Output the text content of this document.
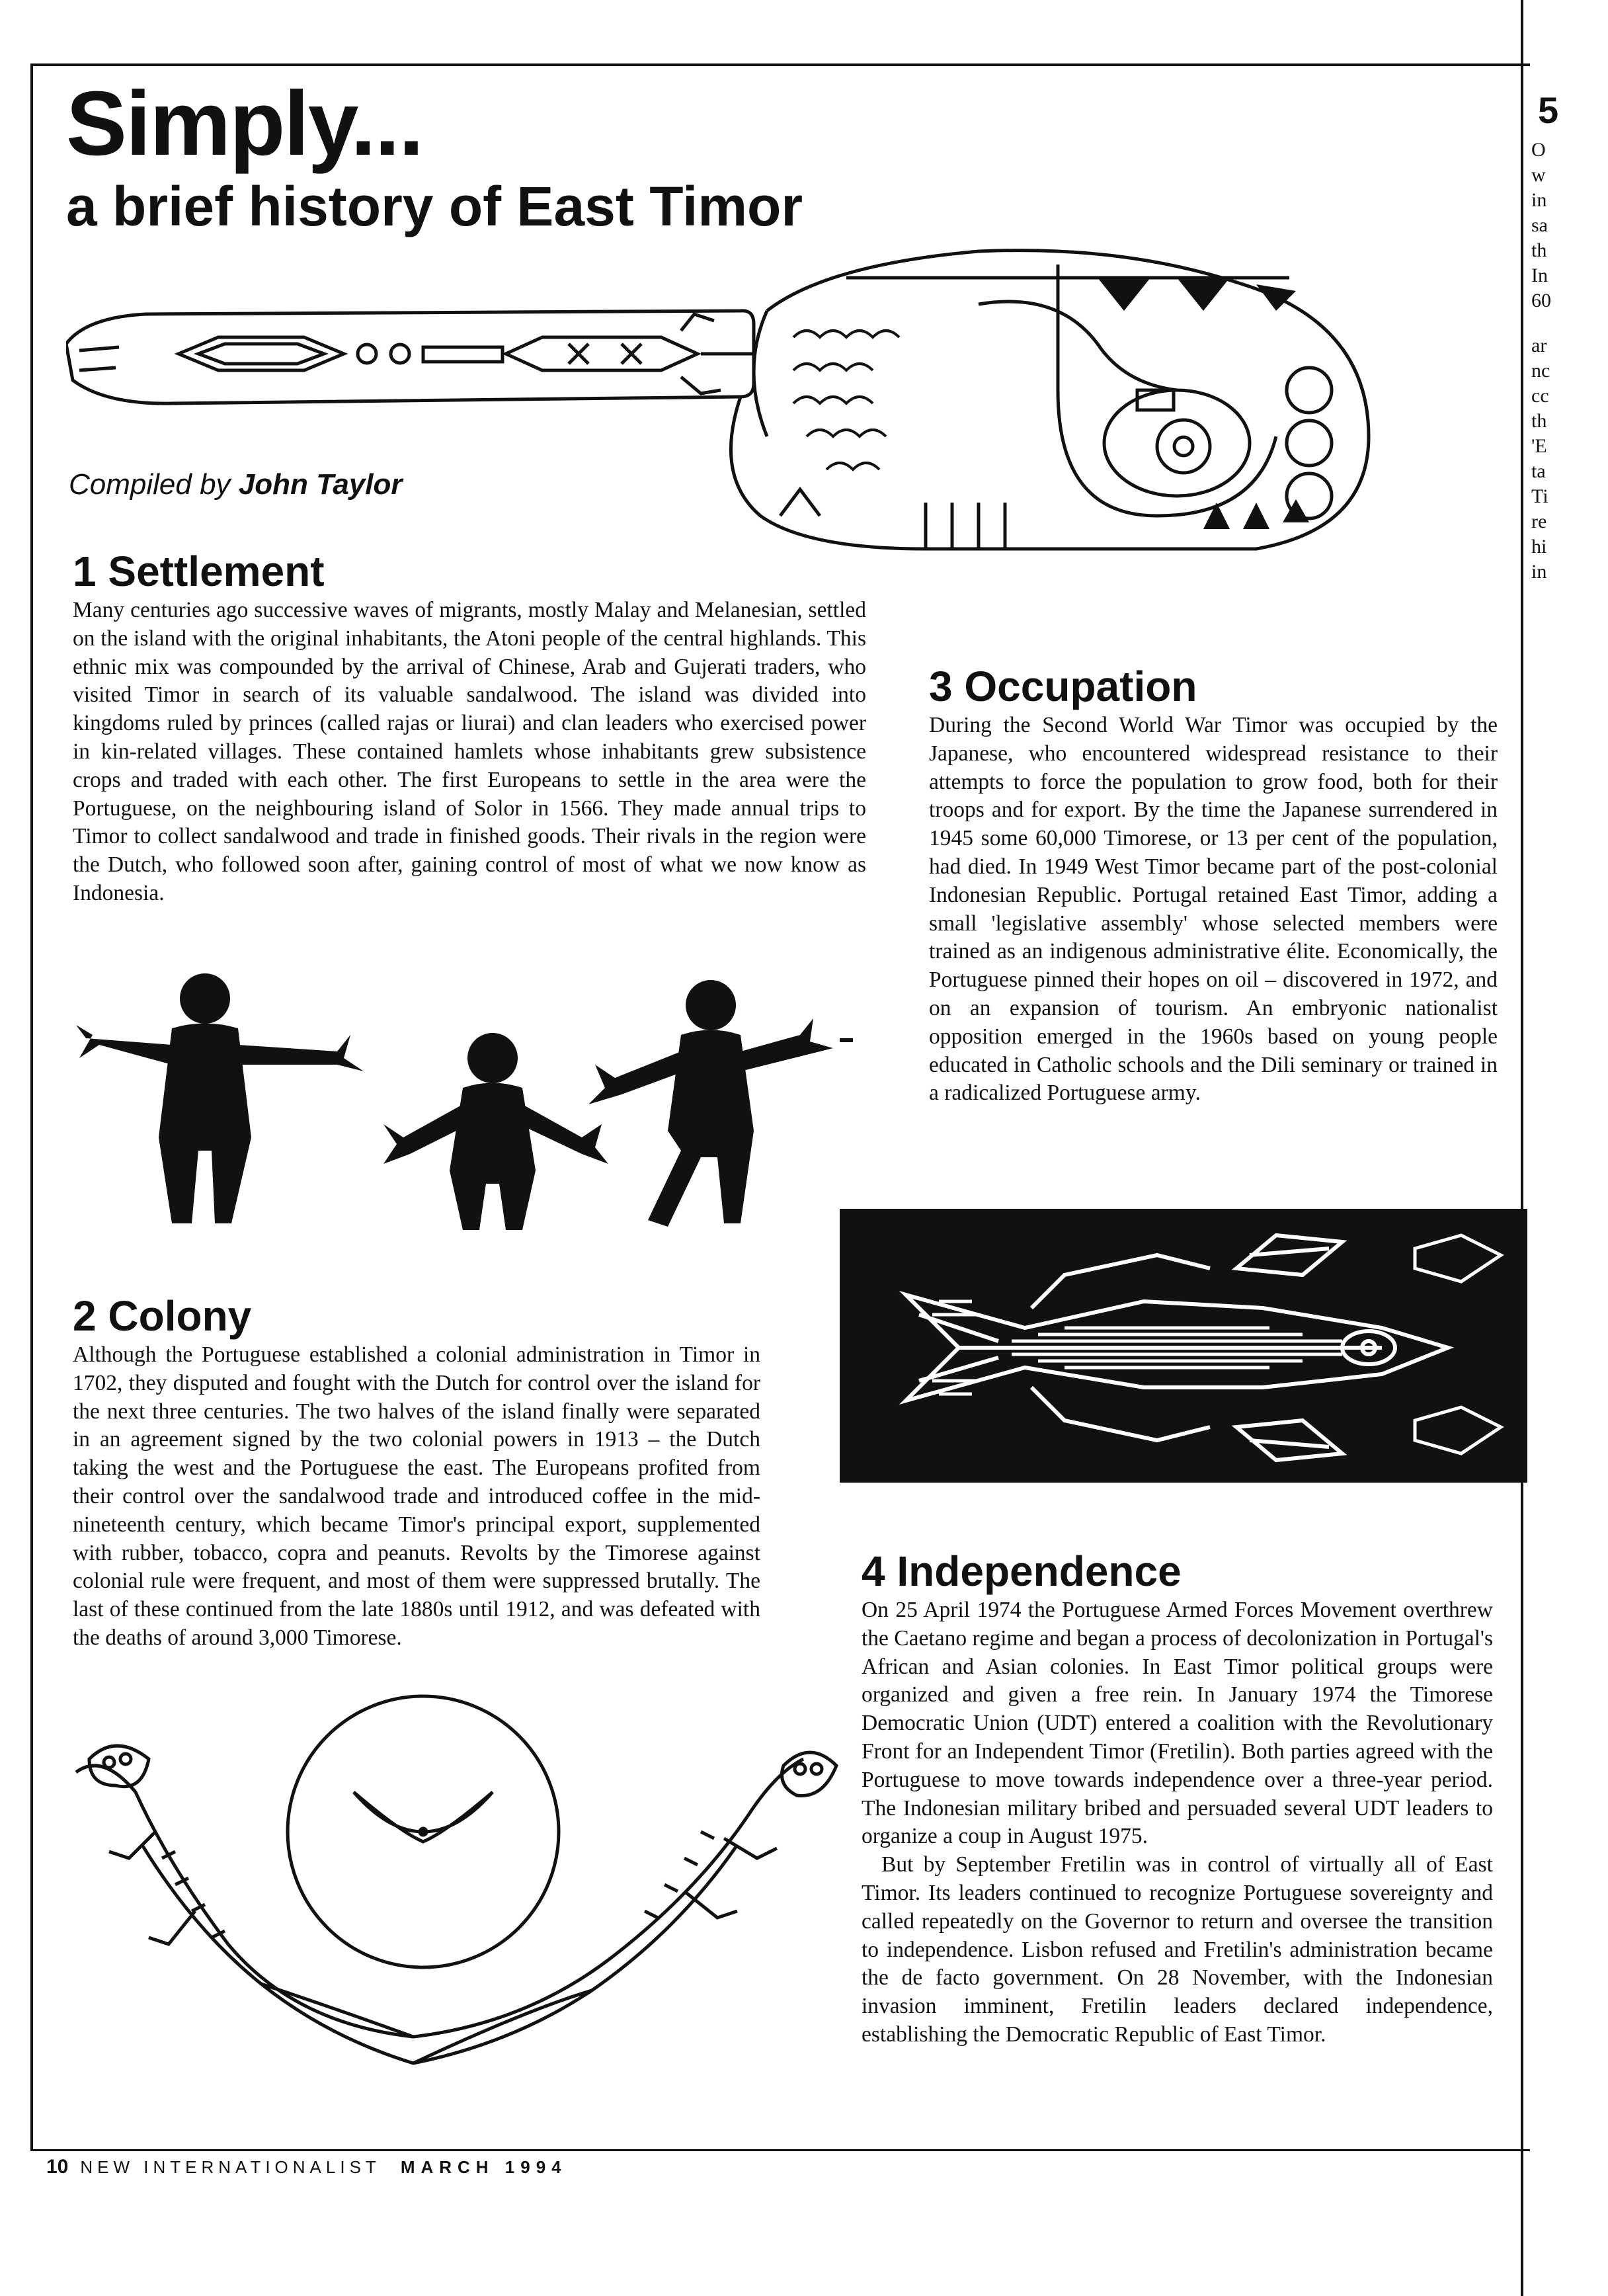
Simply...
a brief history of East Timor
Compiled by John Taylor
1 Settlement

Many centuries ago successive waves of migrants, mostly Malay and Melanesian, settled on the island with the original inhabitants, the Atoni people of the central highlands. This ethnic mix was compounded by the arrival of Chinese, Arab and Gujerati traders, who visited Timor in search of its valuable sandalwood. The island was divided into kingdoms ruled by princes (called rajas or liurai) and clan leaders who exercised power in kin-related villages. These contained hamlets whose inhabitants grew subsistence crops and traded with each other. The first Europeans to settle in the area were the Portuguese, on the neighbouring island of Solor in 1566. They made annual trips to Timor to collect sandalwood and trade in finished goods. Their rivals in the region were the Dutch, who followed soon after, gaining control of most of what we now know as Indonesia.

2 Colony

Although the Portuguese established a colonial administration in Timor in 1702, they disputed and fought with the Dutch for control over the island for the next three centuries. The two halves of the island finally were separated in an agreement signed by the two colonial powers in 1913 – the Dutch taking the west and the Portuguese the east. The Europeans profited from their control over the sandalwood trade and introduced coffee in the mid-nineteenth century, which became Timor's principal export, supplemented with rubber, tobacco, copra and peanuts. Revolts by the Timorese against colonial rule were frequent, and most of them were suppressed brutally. The last of these continued from the late 1880s until 1912, and was defeated with the deaths of around 3,000 Timorese.

3 Occupation

During the Second World War Timor was occupied by the Japanese, who encountered widespread resistance to their attempts to force the population to grow food, both for their troops and for export. By the time the Japanese surrendered in 1945 some 60,000 Timorese, or 13 per cent of the population, had died. In 1949 West Timor became part of the post-colonial Indonesian Republic. Portugal retained East Timor, adding a small 'legislative assembly' whose selected members were trained as an indigenous administrative élite. Economically, the Portuguese pinned their hopes on oil – discovered in 1972, and on an expansion of tourism. An embryonic nationalist opposition emerged in the 1960s based on young people educated in Catholic schools and the Dili seminary or trained in a radicalized Portuguese army.

4 Independence

On 25 April 1974 the Portuguese Armed Forces Movement overthrew the Caetano regime and began a process of decolonization in Portugal's African and Asian colonies. In East Timor political groups were organized and given a free rein. In January 1974 the Timorese Democratic Union (UDT) entered a coalition with the Revolutionary Front for an Independent Timor (Fretilin). Both parties agreed with the Portuguese to move towards independence over a three-year period. The Indonesian military bribed and persuaded several UDT leaders to organize a coup in August 1975.

But by September Fretilin was in control of virtually all of East Timor. Its leaders continued to recognize Portuguese sovereignty and called repeatedly on the Governor to return and oversee the transition to independence. Lisbon refused and Fretilin's administration became the de facto government. On 28 November, with the Indonesian invasion imminent, Fretilin leaders declared independence, establishing the Democratic Republic of East Timor.

10 NEW INTERNATIONALIST MARCH 1994
5
O
w
in
sa
th
In
60
ar
nc
cc
th
'E
ta
Ti
re
hi
in
